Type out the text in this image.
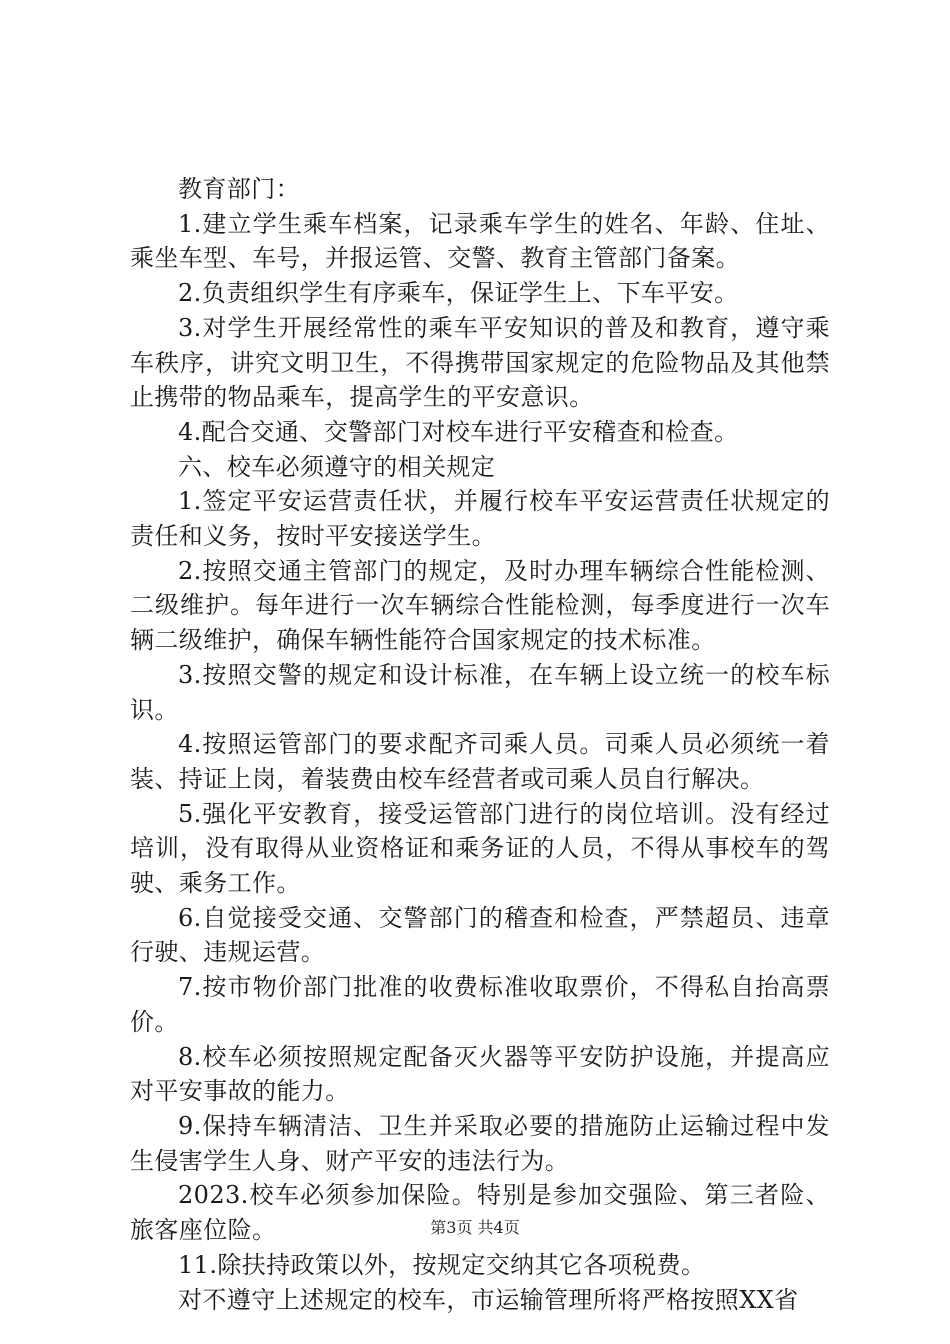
教育部门：

1.建立学生乘车档案，记录乘车学生的姓名、年龄、住址、乘坐车型、车号，并报运管、交警、教育主管部门备案。

2.负责组织学生有序乘车，保证学生上、下车平安。

3.对学生开展经常性的乘车平安知识的普及和教育，遵守乘车秩序，讲究文明卫生，不得携带国家规定的危险物品及其他禁止携带的物品乘车，提高学生的平安意识。

4.配合交通、交警部门对校车进行平安稽查和检查。

六、校车必须遵守的相关规定

1.签定平安运营责任状，并履行校车平安运营责任状规定的责任和义务，按时平安接送学生。

2.按照交通主管部门的规定，及时办理车辆综合性能检测、二级维护。每年进行一次车辆综合性能检测，每季度进行一次车辆二级维护，确保车辆性能符合国家规定的技术标准。

3.按照交警的规定和设计标准，在车辆上设立统一的校车标识。

4.按照运管部门的要求配齐司乘人员。司乘人员必须统一着装、持证上岗，着装费由校车经营者或司乘人员自行解决。

5.强化平安教育，接受运管部门进行的岗位培训。没有经过培训，没有取得从业资格证和乘务证的人员，不得从事校车的驾驶、乘务工作。

6.自觉接受交通、交警部门的稽查和检查，严禁超员、违章行驶、违规运营。

7.按市物价部门批准的收费标准收取票价，不得私自抬高票价。

8.校车必须按照规定配备灭火器等平安防护设施，并提高应对平安事故的能力。

9.保持车辆清洁、卫生并采取必要的措施防止运输过程中发生侵害学生人身、财产平安的违法行为。

2023.校车必须参加保险。特别是参加交强险、第三者险、旅客座位险。

11.除扶持政策以外，按规定交纳其它各项税费。

对不遵守上述规定的校车，市运输管理所将严格按照XX省

第3页 共4页
